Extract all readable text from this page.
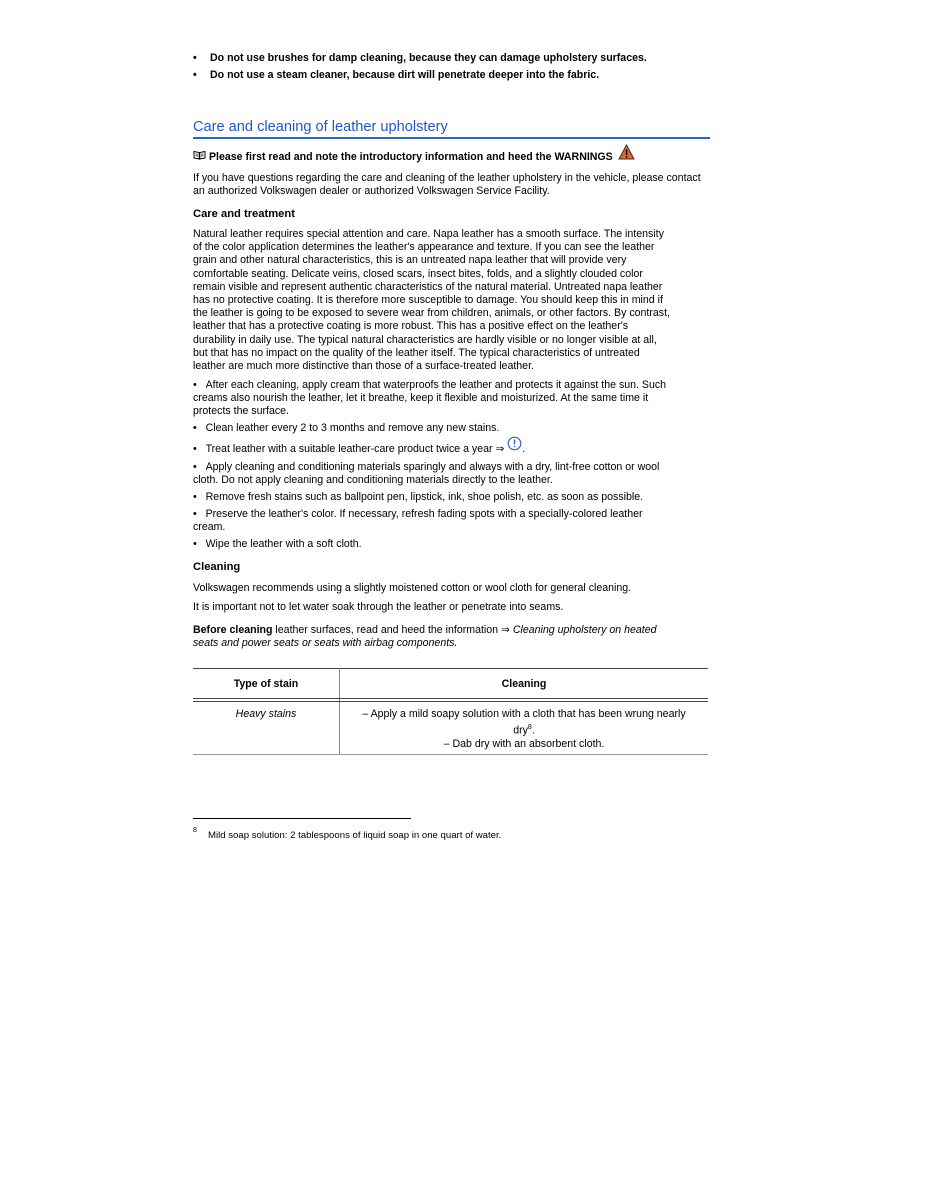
• Do not use brushes for damp cleaning, because they can damage upholstery surfaces.
• Do not use a steam cleaner, because dirt will penetrate deeper into the fabric.
Care and cleaning of leather upholstery
Please first read and note the introductory information and heed the WARNINGS
If you have questions regarding the care and cleaning of the leather upholstery in the vehicle, please contact an authorized Volkswagen dealer or authorized Volkswagen Service Facility.
Care and treatment
Natural leather requires special attention and care. Napa leather has a smooth surface. The intensity
of the color application determines the leather's appearance and texture. If you can see the leather
grain and other natural characteristics, this is an untreated napa leather that will provide very
comfortable seating. Delicate veins, closed scars, insect bites, folds, and a slightly clouded color
remain visible and represent authentic characteristics of the natural material. Untreated napa leather
has no protective coating. It is therefore more susceptible to damage. You should keep this in mind if
the leather is going to be exposed to severe wear from children, animals, or other factors. By contrast,
leather that has a protective coating is more robust. This has a positive effect on the leather's
durability in daily use. The typical natural characteristics are hardly visible or no longer visible at all,
but that has no impact on the quality of the leather itself. The typical characteristics of untreated
leather are much more distinctive than those of a surface-treated leather.
• After each cleaning, apply cream that waterproofs the leather and protects it against the sun. Such
creams also nourish the leather, let it breathe, keep it flexible and moisturized. At the same time it
protects the surface.
• Clean leather every 2 to 3 months and remove any new stains.
• Treat leather with a suitable leather-care product twice a year ⇒ .
• Apply cleaning and conditioning materials sparingly and always with a dry, lint-free cotton or wool
cloth. Do not apply cleaning and conditioning materials directly to the leather.
• Remove fresh stains such as ballpoint pen, lipstick, ink, shoe polish, etc. as soon as possible.
• Preserve the leather's color. If necessary, refresh fading spots with a specially-colored leather
cream.
• Wipe the leather with a soft cloth.
Cleaning
Volkswagen recommends using a slightly moistened cotton or wool cloth for general cleaning.
It is important not to let water soak through the leather or penetrate into seams.
Before cleaning leather surfaces, read and heed the information ⇒ Cleaning upholstery on heated
seats and power seats or seats with airbag components.
Type of stain	Cleaning
Heavy stains	– Apply a mild soapy solution with a cloth that has been wrung nearly
dry$^8$.
– Dab dry with an absorbent cloth.
8 Mild soap solution: 2 tablespoons of liquid soap in one quart of water.
